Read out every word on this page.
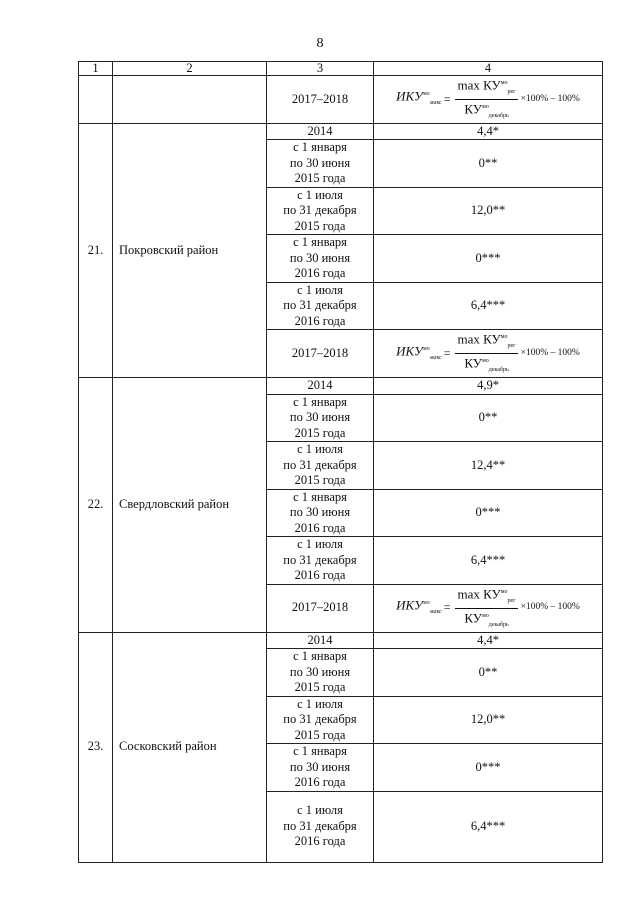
8
1	2	3	4
		2017–2018	$ИКУ^{мо}_{макс} = \frac{\max КУ^{мо}_{рег}}{КУ^{мо}_{декабрь}} \times 100\% - 100\%$

21.	Покровский район	2014	4,4*
		с 1 января
по 30 июня
2015 года	0**
		с 1 июля
по 31 декабря
2015 года	12,0**
		с 1 января
по 30 июня
2016 года	0***
		с 1 июля
по 31 декабря
2016 года	6,4***
		2017–2018	$ИКУ^{мо}_{макс} = \frac{\max КУ^{мо}_{рег}}{КУ^{мо}_{декабрь}} \times 100\% - 100\%$

22.	Свердловский район	2014	4,9*
		с 1 января
по 30 июня
2015 года	0**
		с 1 июля
по 31 декабря
2015 года	12,4**
		с 1 января
по 30 июня
2016 года	0***
		с 1 июля
по 31 декабря
2016 года	6,4***
		2017–2018	$ИКУ^{мо}_{макс} = \frac{\max КУ^{мо}_{рег}}{КУ^{мо}_{декабрь}} \times 100\% - 100\%$

23.	Сосковский район	2014	4,4*
		с 1 января
по 30 июня
2015 года	0**
		с 1 июля
по 31 декабря
2015 года	12,0**
		с 1 января
по 30 июня
2016 года	0***
		с 1 июля
по 31 декабря
2016 года	6,4***
